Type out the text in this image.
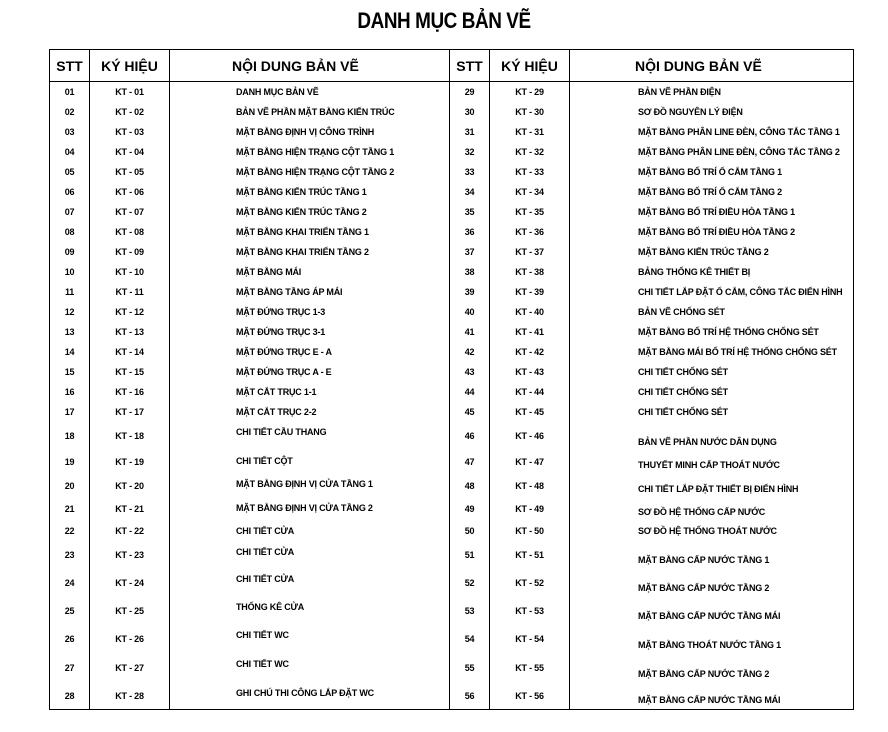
DANH MỤC BẢN VẼ
STT	KÝ HIỆU	NỘI DUNG BẢN VẼ	STT	KÝ HIỆU	NỘI DUNG BẢN VẼ
01	KT - 01	DANH MỤC BẢN VẼ	29	KT - 29	BẢN VẼ PHẦN ĐIỆN
02	KT - 02	BẢN VẼ PHẦN MẶT BẰNG KIẾN TRÚC	30	KT - 30	SƠ ĐỒ NGUYÊN LÝ ĐIỆN
03	KT - 03	MẶT BẰNG ĐỊNH VỊ CÔNG TRÌNH	31	KT - 31	MẶT BẰNG PHÂN LINE ĐÈN, CÔNG TẮC TẦNG 1
04	KT - 04	MẶT BẰNG HIỆN TRẠNG CỘT TẦNG 1	32	KT - 32	MẶT BẰNG PHÂN LINE ĐÈN, CÔNG TẮC TẦNG 2
05	KT - 05	MẶT BẰNG HIỆN TRẠNG CỘT TẦNG 2	33	KT - 33	MẶT BẰNG BỐ TRÍ Ổ CẮM TẦNG 1
06	KT - 06	MẶT BẰNG KIẾN TRÚC TẦNG 1	34	KT - 34	MẶT BẰNG BỐ TRÍ Ổ CẮM TẦNG 2
07	KT - 07	MẶT BẰNG KIẾN TRÚC TẦNG 2	35	KT - 35	MẶT BẰNG BỐ TRÍ ĐIỀU HÒA TẦNG 1
08	KT - 08	MẶT BẰNG KHAI TRIỂN TẦNG 1	36	KT - 36	MẶT BẰNG BỐ TRÍ ĐIỀU HÒA TẦNG 2
09	KT - 09	MẶT BẰNG KHAI TRIỂN TẦNG 2	37	KT - 37	MẶT BẰNG KIẾN TRÚC TẦNG 2
10	KT - 10	MẶT BẰNG MÁI	38	KT - 38	BẢNG THỐNG KÊ THIẾT BỊ
11	KT - 11	MẶT BẰNG TẦNG ÁP MÁI	39	KT - 39	CHI TIẾT LẮP ĐẶT Ổ CẮM, CÔNG TẮC ĐIỂN HÌNH
12	KT - 12	MẶT ĐỨNG TRỤC 1-3	40	KT - 40	BẢN VẼ CHỐNG SÉT
13	KT - 13	MẶT ĐỨNG TRỤC 3-1	41	KT - 41	MẶT BẰNG BỐ TRÍ HỆ THỐNG CHỐNG SÉT
14	KT - 14	MẶT ĐỨNG TRỤC E - A	42	KT - 42	MẶT BẰNG MÁI BỐ TRÍ HỆ THỐNG CHỐNG SÉT
15	KT - 15	MẶT ĐỨNG TRỤC A - E	43	KT - 43	CHI TIẾT CHỐNG SÉT
16	KT - 16	MẶT CẮT TRỤC 1-1	44	KT - 44	CHI TIẾT CHỐNG SÉT
17	KT - 17	MẶT CẮT TRỤC 2-2	45	KT - 45	CHI TIẾT CHỐNG SÉT
18	KT - 18	CHI TIẾT CẦU THANG	46	KT - 46	BẢN VẼ PHẦN NƯỚC DÂN DỤNG
19	KT - 19	CHI TIẾT CỘT	47	KT - 47	THUYẾT MINH CẤP THOÁT NƯỚC
20	KT - 20	MẶT BẰNG ĐỊNH VỊ CỬA TẦNG 1	48	KT - 48	CHI TIẾT LẮP ĐẶT THIẾT BỊ ĐIỂN HÌNH
21	KT - 21	MẶT BẰNG ĐỊNH VỊ CỬA TẦNG 2	49	KT - 49	SƠ ĐỒ HỆ THỐNG CẤP NƯỚC
22	KT - 22	CHI TIẾT CỬA	50	KT - 50	SƠ ĐỒ HỆ THỐNG THOÁT NƯỚC
23	KT - 23	CHI TIẾT CỬA	51	KT - 51	MẶT BẰNG CẤP NƯỚC TẦNG 1
24	KT - 24	CHI TIẾT CỬA	52	KT - 52	MẶT BẰNG CẤP NƯỚC TẦNG 2
25	KT - 25	THỐNG KÊ CỬA	53	KT - 53	MẶT BẰNG CẤP NƯỚC TẦNG MÁI
26	KT - 26	CHI TIẾT WC	54	KT - 54	MẶT BẰNG THOÁT NƯỚC TẦNG 1
27	KT - 27	CHI TIẾT WC	55	KT - 55	MẶT BẰNG CẤP NƯỚC TẦNG 2
28	KT - 28	GHI CHÚ THI CÔNG LẮP ĐẶT WC	56	KT - 56	MẶT BẰNG CẤP NƯỚC TẦNG MÁI
